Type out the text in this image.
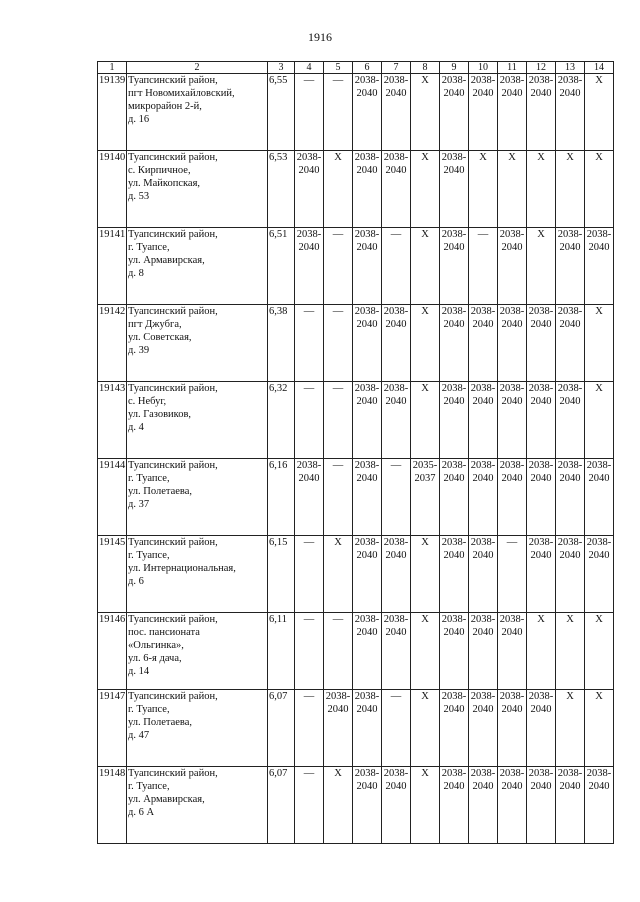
1916
1	2	3	4	5	6	7	8	9	10	11	12	13	14
19139	Туапсинский район,
пгт Новомихайловский,
микрорайон 2-й,
д. 16	6,55	—	—	2038-2040	2038-2040	Х	2038-2040	2038-2040	2038-2040	2038-2040	2038-2040	Х
19140	Туапсинский район,
с. Кирпичное,
ул. Майкопская,
д. 53	6,53	2038-2040	Х	2038-2040	2038-2040	Х	2038-2040	Х	Х	Х	Х	Х
19141	Туапсинский район,
г. Туапсе,
ул. Армавирская,
д. 8	6,51	2038-2040	—	2038-2040	—	Х	2038-2040	—	2038-2040	Х	2038-2040	2038-2040
19142	Туапсинский район,
пгт Джубга,
ул. Советская,
д. 39	6,38	—	—	2038-2040	2038-2040	Х	2038-2040	2038-2040	2038-2040	2038-2040	2038-2040	Х
19143	Туапсинский район,
с. Небуг,
ул. Газовиков,
д. 4	6,32	—	—	2038-2040	2038-2040	Х	2038-2040	2038-2040	2038-2040	2038-2040	2038-2040	Х
19144	Туапсинский район,
г. Туапсе,
ул. Полетаева,
д. 37	6,16	2038-2040	—	2038-2040	—	2035-2037	2038-2040	2038-2040	2038-2040	2038-2040	2038-2040	2038-2040
19145	Туапсинский район,
г. Туапсе,
ул. Интернациональная,
д. 6	6,15	—	Х	2038-2040	2038-2040	Х	2038-2040	2038-2040	—	2038-2040	2038-2040	2038-2040
19146	Туапсинский район,
пос. пансионата
«Ольгинка»,
ул. 6-я дача,
д. 14	6,11	—	—	2038-2040	2038-2040	Х	2038-2040	2038-2040	2038-2040	Х	Х	Х
19147	Туапсинский район,
г. Туапсе,
ул. Полетаева,
д. 47	6,07	—	2038-2040	2038-2040	—	Х	2038-2040	2038-2040	2038-2040	2038-2040	Х	Х
19148	Туапсинский район,
г. Туапсе,
ул. Армавирская,
д. 6 А	6,07	—	Х	2038-2040	2038-2040	Х	2038-2040	2038-2040	2038-2040	2038-2040	2038-2040	2038-2040
